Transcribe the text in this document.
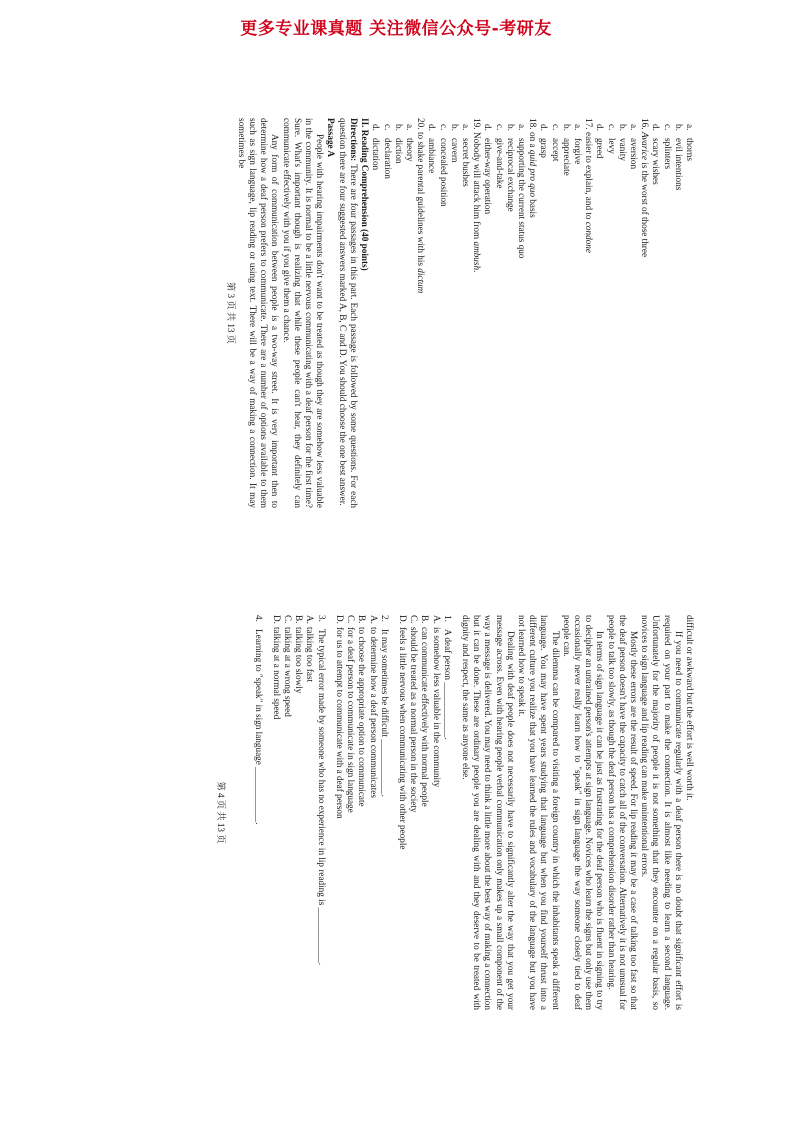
更多专业课真题 关注微信公众号-考研友
a.thorns
b.evil intentions
c.splinters
d.scary wishes
16.Avarice is the worst of those three
a.aversion
b.vanity
c.levy
d.greed
17.easier to explain, and to condone
a.forgive
b.appreciate
c.accept
d.grasp
18.on a quid pro quo basis
a.supporting the current status quo
b.reciprocal exchange
c.give-and-take
d.either-way operation
19.Nobody will attack him from ambush.
a.secret bushes
b.cavern
c.concealed position
d.ambiance
20.to shake parental guidelines with his dictum
a.theory
b.diction
c.declaration
d.dictation
II. Reading Comprehension (40 points)
Directions: There are four passages in this part. Each passage is followed by some questions. For each question there are four suggested answers marked A, B, C and D. You should choose the one best answer.
Passage A

People with hearing impairments don't want to be treated as though they are somehow less valuable in the community. It is normal to be a little nervous communicating with a deaf person for the first time? Sure. What's important though is realizing that while these people can't hear, they definitely can communicate effectively with you if you give them a chance.

Any form of communication between people is a two-way street. It is very important then to determine how a deaf person prefers to communicate. There are a number of options available to them such as sign language, lip reading or using text. There will be a way of making a connection. It may sometimes be

第 3 页 共 13 页

difficult or awkward but the effort is well worth it.

If you need to communicate regularly with a deaf person there is no doubt that significant effort is required on your part to make the connection. It is almost like needing to learn a second language. Unfortunately for the majority of people it is not something that they encounter on a regular basis, so novices to sign language and lip reading can make unintentional errors.

Mostly these errors are the result of speed. For lip reading it may be a case of talking too fast so that the deaf person doesn't have the capacity to catch all of the conversation. Alternatively it is not unusual for people to talk too slowly, as though the deaf person has a comprehension disorder rather than hearing.

In terms of sign language it can be just as frustrating for the deaf person who is fluent in signing to try to decipher an untrained person's attempts at sign language. Novices who learn the signs but only use them occasionally never really learn how to "speak" in sign language the way someone closely tied to deaf people can.

The dilemma can be compared to visiting a foreign country in which the inhabitants speak a different language. You may have spent years studying that language but when you find yourself thrust into a different culture you realize that you have learned the rules and vocabulary of the language but you have not learned how to speak it.

Dealing with deaf people does not necessarily have to significantly alter the way that you get your message across. Even with hearing people verbal communication only makes up a small component of the way a message is delivered. You may need to think a little more about the best way of making a connection but it can be done. These are ordinary people you are dealing with and they deserve to be treated with dignity and respect, the same as anyone else.

1.A deaf person ____________.
A.is somehow less valuable in the community
B.can communicate effectively with normal people
C.should be treated as a normal person in the society
D.feels a little nervous when communicating with other people
2.It may sometimes be difficult ____________.
A.to determine how a deaf person communicates
B.to choose the appropriate option to communicate
C.for a deaf person to communicate in sign language
D.for us to attempt to communicate with a deaf person
3.The typical error made by someone who has no experience in lip reading is ____________.
A.talking too fast
B.talking too slowly
C.talking at a wrong speed
D.talking at a normal speed
4.Learning to "speak" in sign language ____________.
第 4 页 共 13 页
